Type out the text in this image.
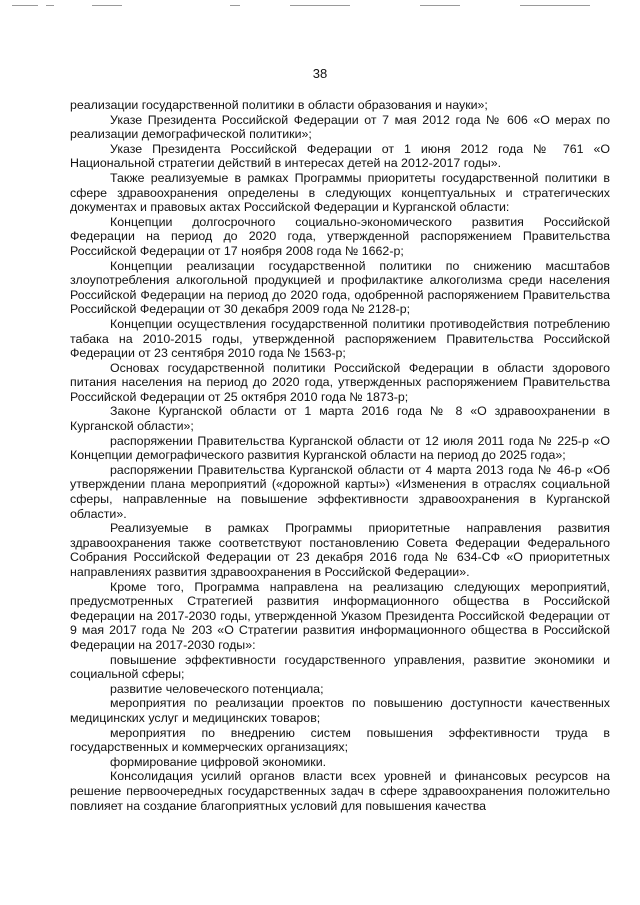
38

реализации государственной политики в области образования и науки»;

Указе Президента Российской Федерации от 7 мая 2012 года № 606 «О мерах по реализации демографической политики»;

Указе Президента Российской Федерации от 1 июня 2012 года № 761 «О Национальной стратегии действий в интересах детей на 2012-2017 годы».

Также реализуемые в рамках Программы приоритеты государственной политики в сфере здравоохранения определены в следующих концептуальных и стратегических документах и правовых актах Российской Федерации и Курганской области:

Концепции долгосрочного социально-экономического развития Российской Федерации на период до 2020 года, утвержденной распоряжением Правительства Российской Федерации от 17 ноября 2008 года № 1662-р;

Концепции реализации государственной политики по снижению масштабов злоупотребления алкогольной продукцией и профилактике алкоголизма среди населения Российской Федерации на период до 2020 года, одобренной распоряжением Правительства Российской Федерации от 30 декабря 2009 года № 2128-р;

Концепции осуществления государственной политики противодействия потреблению табака на 2010-2015 годы, утвержденной распоряжением Правительства Российской Федерации от 23 сентября 2010 года № 1563-р;

Основах государственной политики Российской Федерации в области здорового питания населения на период до 2020 года, утвержденных распоряжением Правительства Российской Федерации от 25 октября 2010 года № 1873-р;

Законе Курганской области от 1 марта 2016 года № 8 «О здравоохранении в Курганской области»;

распоряжении Правительства Курганской области от 12 июля 2011 года № 225-р «О Концепции демографического развития Курганской области на период до 2025 года»;

распоряжении Правительства Курганской области от 4 марта 2013 года № 46-р «Об утверждении плана мероприятий («дорожной карты») «Изменения в отраслях социальной сферы, направленные на повышение эффективности здравоохранения в Курганской области».

Реализуемые в рамках Программы приоритетные направления развития здравоохранения также соответствуют постановлению Совета Федерации Федерального Собрания Российской Федерации от 23 декабря 2016 года № 634-СФ «О приоритетных направлениях развития здравоохранения в Российской Федерации».

Кроме того, Программа направлена на реализацию следующих мероприятий, предусмотренных Стратегией развития информационного общества в Российской Федерации на 2017-2030 годы, утвержденной Указом Президента Российской Федерации от 9 мая 2017 года № 203 «О Стратегии развития информационного общества в Российской Федерации на 2017-2030 годы»:

повышение эффективности государственного управления, развитие экономики и социальной сферы;

развитие человеческого потенциала;

мероприятия по реализации проектов по повышению доступности качественных медицинских услуг и медицинских товаров;

мероприятия по внедрению систем повышения эффективности труда в государственных и коммерческих организациях;

формирование цифровой экономики.

Консолидация усилий органов власти всех уровней и финансовых ресурсов на решение первоочередных государственных задач в сфере здравоохранения положительно повлияет на создание благоприятных условий для повышения качества
